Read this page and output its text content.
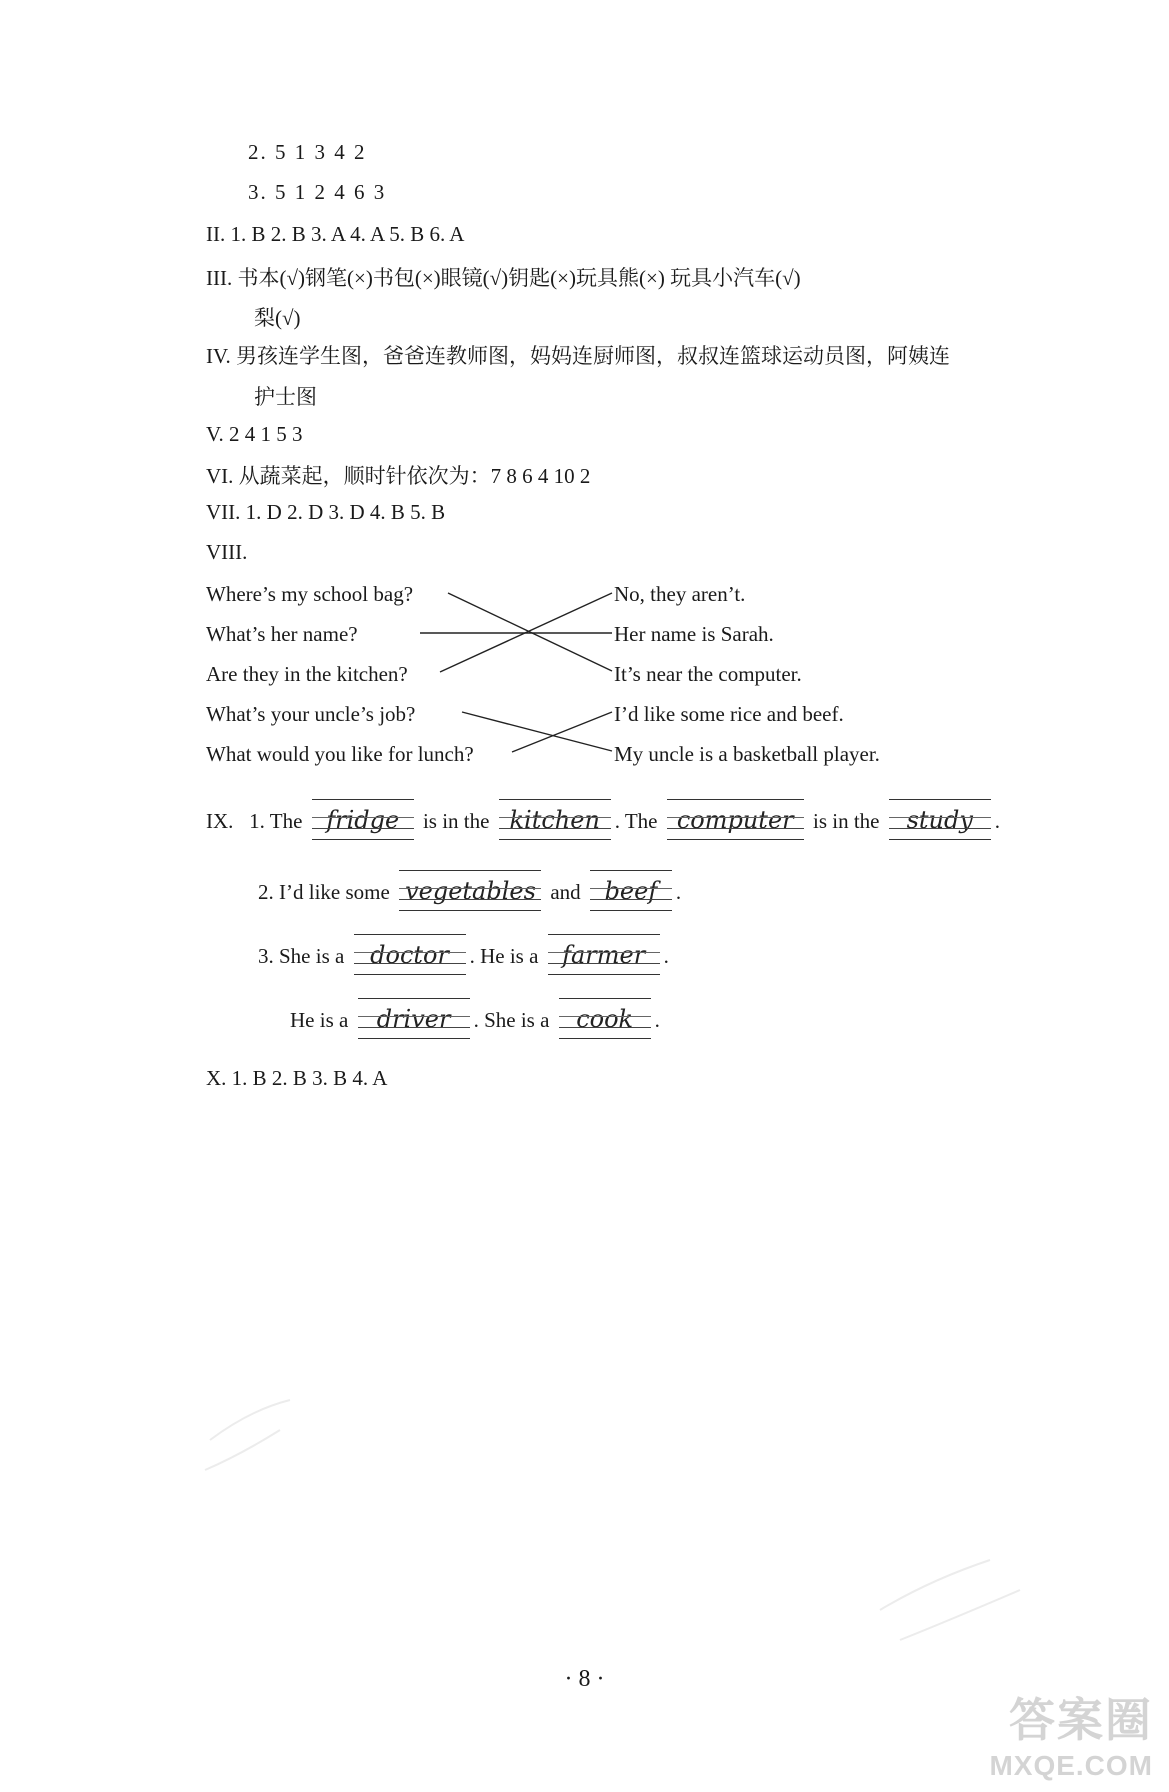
2. 5 1 3 4 2
3. 5 1 2 4 6 3
II. 1. B 2. B 3. A 4. A 5. B 6. A
III. 书本(√)钢笔(×)书包(×)眼镜(√)钥匙(×)玩具熊(×) 玩具小汽车(√)
梨(√)
IV. 男孩连学生图，爸爸连教师图，妈妈连厨师图，叔叔连篮球运动员图，阿姨连
护士图
V. 2 4 1 5 3
VI. 从蔬菜起，顺时针依次为：7 8 6 4 10 2
VII. 1. D 2. D 3. D 4. B 5. B
VIII.
Where’s my school bag?
What’s her name?
Are they in the kitchen?
What’s your uncle’s job?
What would you like for lunch?
No, they aren’t.
Her name is Sarah.
It’s near the computer.
I’d like some rice and beef.
My uncle is a basketball player.
IX. 1. The fridge is in the kitchen . The computer is in the study .
2. I’d like some vegetables and beef .
3. She is a doctor . He is a farmer .
He is a driver . She is a cook .
X. 1. B 2. B 3. B 4. A
· 8 ·
答案圈
MXQE.COM
